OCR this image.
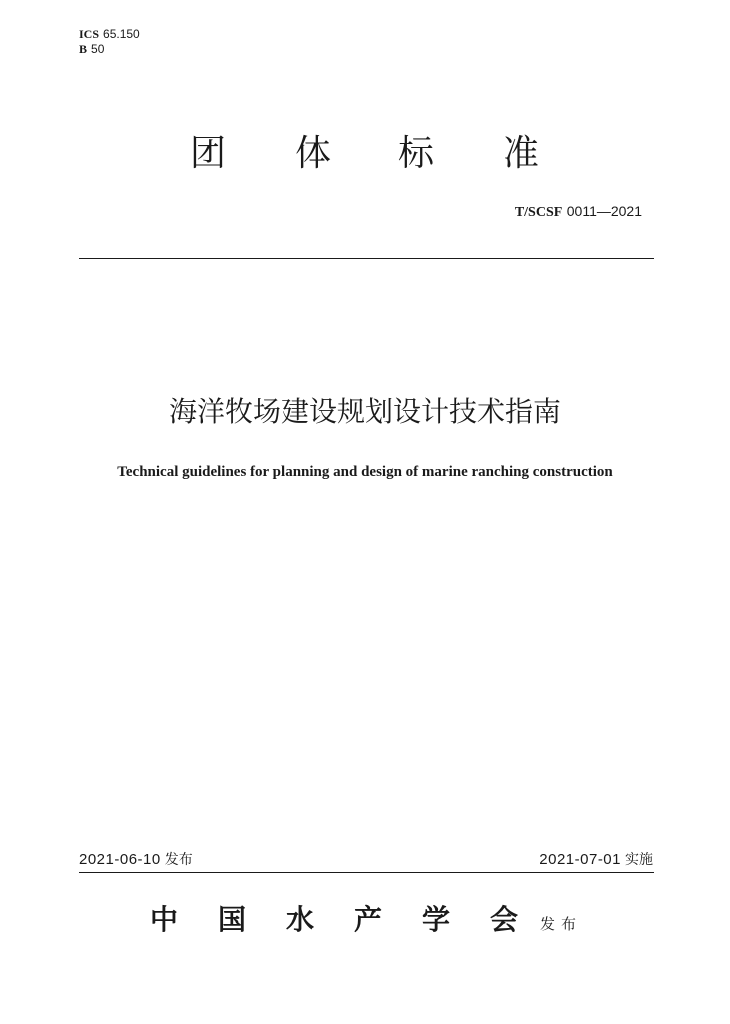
ICS 65.150
B 50
团 体 标 准
T/SCSF 0011—2021
海洋牧场建设规划设计技术指南
Technical guidelines for planning and design of marine ranching construction
2021-06-10 发布	2021-07-01 实施
中 国 水 产 学 会 发布
